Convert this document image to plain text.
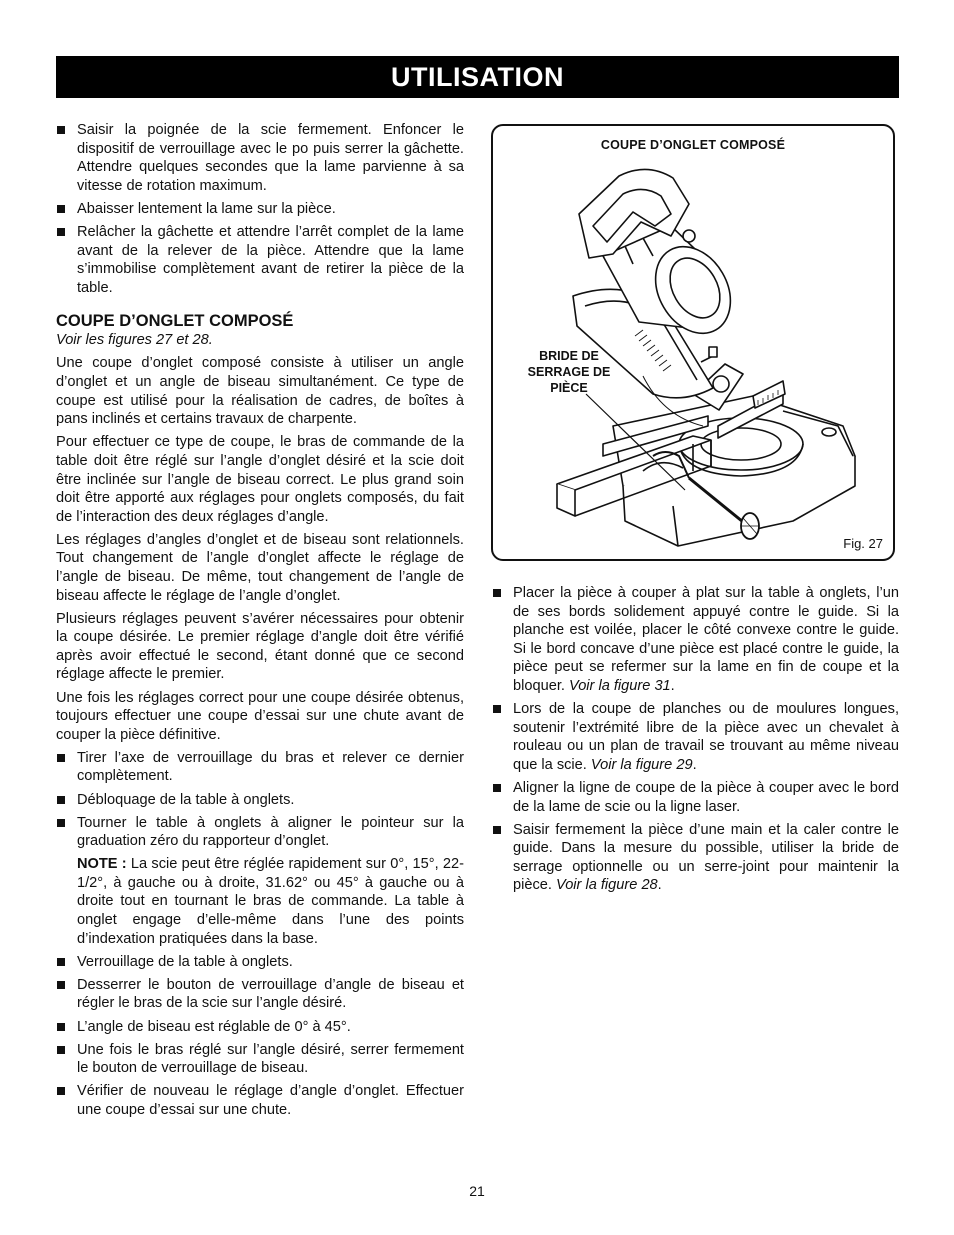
UTILISATION
Saisir la poignée de la scie fermement. Enfoncer le dispositif de verrouillage avec le po puis serrer la gâchette. Attendre quelques secondes que la lame parvienne à sa vitesse de rotation maximum.
Abaisser lentement la lame sur la pièce.
Relâcher la gâchette et attendre l’arrêt complet de la lame avant de la relever de la pièce. Attendre que la lame s’immobilise complètement avant de retirer la pièce de la table.
COUPE D’ONGLET COMPOSÉ
Voir les figures 27 et 28.
Une coupe d’onglet composé consiste à utiliser un angle d’onglet et un angle de biseau simultanément. Ce type de coupe est utilisé pour la réalisation de cadres, de boîtes à pans inclinés et certains travaux de charpente.
Pour effectuer ce type de coupe, le bras de commande de la table doit être réglé sur l’angle d’onglet désiré et la scie doit être inclinée sur l’angle de biseau correct. Le plus grand soin doit être apporté aux réglages pour onglets composés, du fait de l’interaction des deux réglages d’angle.
Les réglages d’angles d’onglet et de biseau sont relationnels. Tout changement de l’angle d’onglet affecte le réglage de l’angle de biseau. De même, tout changement de l’angle de biseau affecte le réglage de l’angle d’onglet.
Plusieurs réglages peuvent s’avérer nécessaires pour obtenir la coupe désirée. Le premier réglage d’angle doit être vérifié après avoir effectué le second, étant donné que ce second réglage affecte le premier.
Une fois les réglages correct pour une coupe désirée obtenus, toujours effectuer une coupe d’essai sur une chute avant de couper la pièce définitive.
Tirer l’axe de verrouillage du bras et relever ce dernier complètement.
Débloquage de la table à onglets.
Tourner le table à onglets à aligner le pointeur sur la graduation zéro du rapporteur d’onglet.
NOTE : La scie peut être réglée rapidement sur 0°, 15°, 22-1/2°, à gauche ou à droite, 31.62° ou 45° à gauche ou à droite tout en tournant le bras de commande. La table à onglet engage d’elle-même dans l’une des points d’indexation pratiquées dans la base.
Verrouillage de la table à onglets.
Desserrer le bouton de verrouillage d’angle de biseau et régler le bras de la scie sur l’angle désiré.
L’angle de biseau est réglable de 0° à 45°.
Une fois le bras réglé sur l’angle désiré, serrer fermement le bouton de verrouillage de biseau.
Vérifier de nouveau le réglage d’angle d’onglet. Effectuer une coupe d’essai sur une chute.
COUPE D’ONGLET COMPOSÉ
BRIDE DE
SERRAGE DE
PIÈCE
Fig. 27
Placer la pièce à couper à plat sur la table à onglets, l’un de ses bords solidement appuyé contre le guide. Si la planche est voilée, placer le côté convexe contre le guide. Si le bord concave d’une pièce est placé contre le guide, la pièce peut se refermer sur la lame en fin de coupe et la bloquer. Voir la figure 31.
Lors de la coupe de planches ou de moulures longues, soutenir l’extrémité libre de la pièce avec un chevalet à rouleau ou un plan de travail se trouvant au même niveau que la scie. Voir la figure 29.
Aligner la ligne de coupe de la pièce à couper avec le bord de la lame de scie ou la ligne laser.
Saisir fermement la pièce d’une main et la caler contre le guide. Dans la mesure du possible, utiliser la bride de serrage optionnelle ou un serre-joint pour maintenir la pièce. Voir la figure 28.
21
